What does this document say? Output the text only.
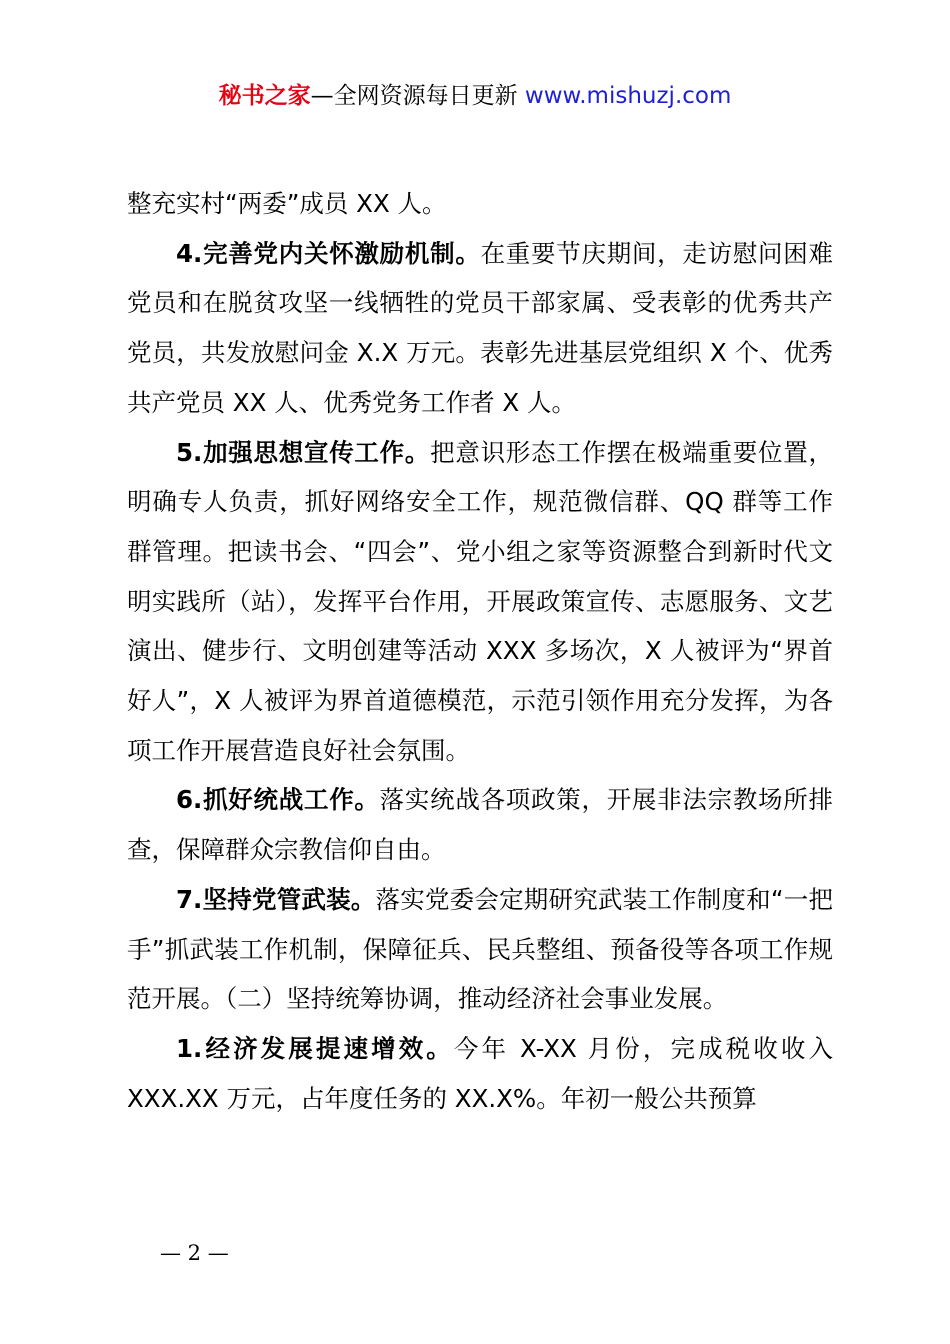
秘书之家—全网资源每日更新 www.mishuzj.com

整充实村“两委”成员 XX 人。

4.完善党内关怀激励机制。在重要节庆期间，走访慰问困难党员和在脱贫攻坚一线牺牲的党员干部家属、受表彰的优秀共产党员，共发放慰问金 X.X 万元。表彰先进基层党组织 X 个、优秀共产党员 XX 人、优秀党务工作者 X 人。

5.加强思想宣传工作。把意识形态工作摆在极端重要位置，明确专人负责，抓好网络安全工作，规范微信群、QQ 群等工作群管理。把读书会、“四会”、党小组之家等资源整合到新时代文明实践所（站），发挥平台作用，开展政策宣传、志愿服务、文艺演出、健步行、文明创建等活动 XXX 多场次，X 人被评为“界首好人”，X 人被评为界首道德模范，示范引领作用充分发挥，为各项工作开展营造良好社会氛围。

6.抓好统战工作。落实统战各项政策，开展非法宗教场所排查，保障群众宗教信仰自由。

7.坚持党管武装。落实党委会定期研究武装工作制度和“一把手”抓武装工作机制，保障征兵、民兵整组、预备役等各项工作规范开展。（二）坚持统筹协调，推动经济社会事业发展。

1.经济发展提速增效。今年 X-XX 月份，完成税收收入 XXX.XX 万元，占年度任务的 XX.X%。年初一般公共预算

— 2 —
